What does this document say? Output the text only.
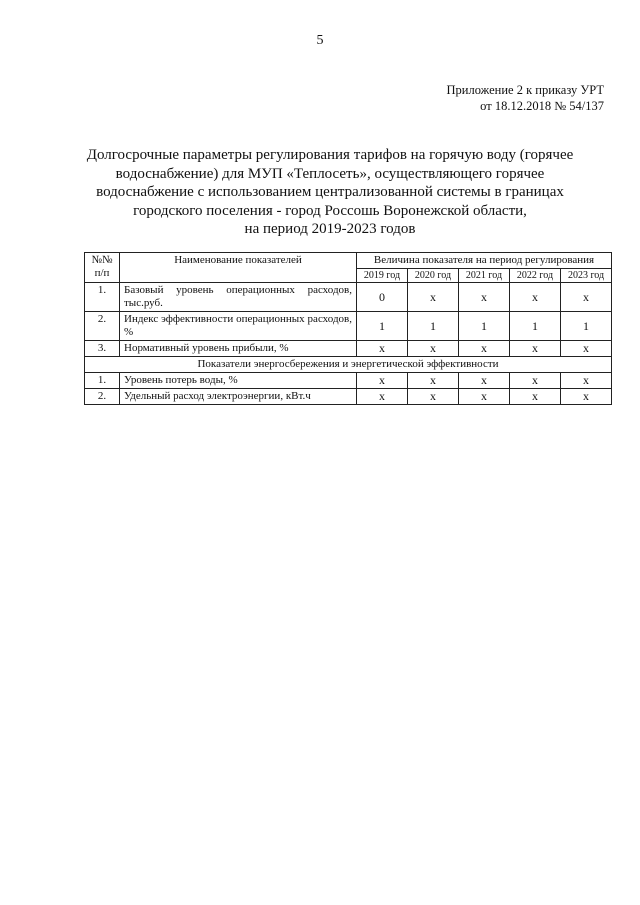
5
Приложение 2 к приказу УРТ
от 18.12.2018 № 54/137
Долгосрочные параметры регулирования тарифов на горячую воду (горячее
водоснабжение) для МУП «Теплосеть», осуществляющего горячее
водоснабжение с использованием централизованной системы в границах
городского поселения - город Россошь Воронежской области,
на период 2019-2023 годов
№№ п/п	Наименование показателей	Величина показателя на период регулирования				
		2019 год	2020 год	2021 год	2022 год	2023 год
1.	Базовый уровень операционных расходов, тыс.руб.	0	х	х	х	х
2.	Индекс эффективности операционных расходов, %	1	1	1	1	1
3.	Нормативный уровень прибыли, %	х	х	х	х	х
Показатели энергосбережения и энергетической эффективности						
1.	Уровень потерь воды, %	х	х	х	х	х
2.	Удельный расход электроэнергии, кВт.ч	х	х	х	х	х
